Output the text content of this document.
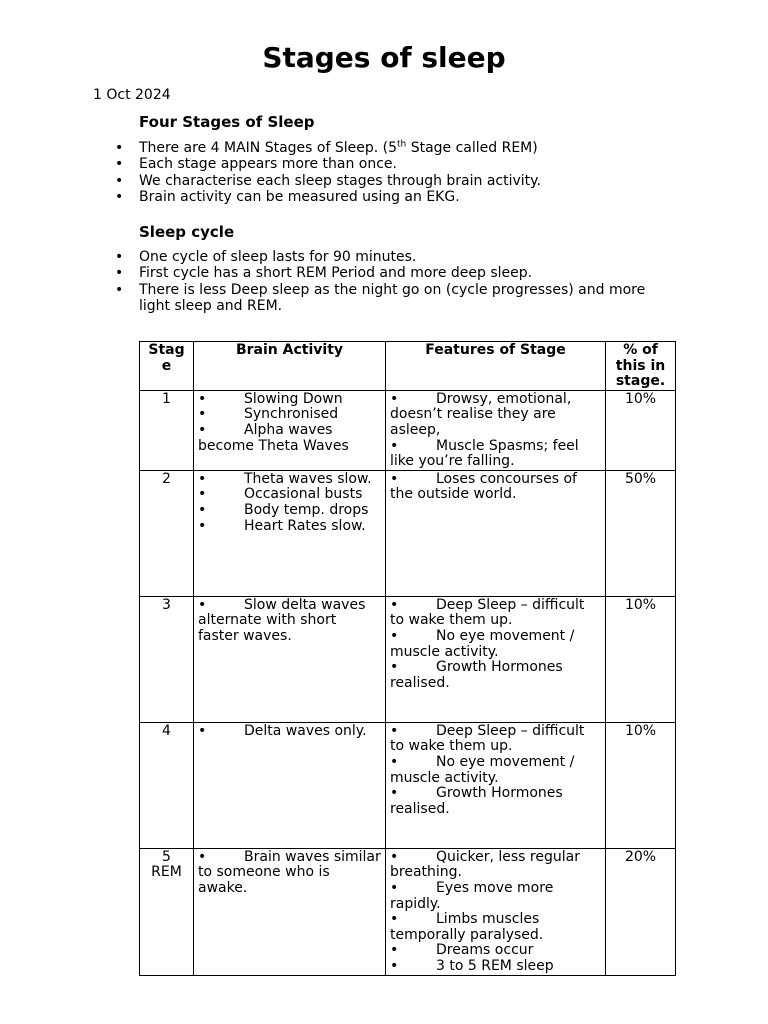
Stages of sleep
1 Oct 2024
Four Stages of Sleep
• There are 4 MAIN Stages of Sleep. (5th Stage called REM)
• Each stage appears more than once.
• We characterise each sleep stages through brain activity.
• Brain activity can be measured using an EKG.
Sleep cycle
• One cycle of sleep lasts for 90 minutes.
• First cycle has a short REM Period and more deep sleep.
• There is less Deep sleep as the night go on (cycle progresses) and more light sleep and REM.
Stage	Brain Activity	Features of Stage	% of this in stage.

1	• Slowing Down
• Synchronised
• Alpha waves become Theta Waves	• Drowsy, emotional, doesn’t realise they are asleep,
• Muscle Spasms; feel like you’re falling.	10%

2	• Theta waves slow.
• Occasional busts
• Body temp. drops
• Heart Rates slow.	• Loses concourses of the outside world.	50%

3	• Slow delta waves alternate with short faster waves.	• Deep Sleep – difficult to wake them up.
• No eye movement / muscle activity.
• Growth Hormones realised.	10%

4	• Delta waves only.	• Deep Sleep – difficult to wake them up.
• No eye movement / muscle activity.
• Growth Hormones realised.	10%

5
REM	• Brain waves similar to someone who is awake.	• Quicker, less regular breathing.
• Eyes move more rapidly.
• Limbs muscles temporally paralysed.
• Dreams occur
• 3 to 5 REM sleep	20%
